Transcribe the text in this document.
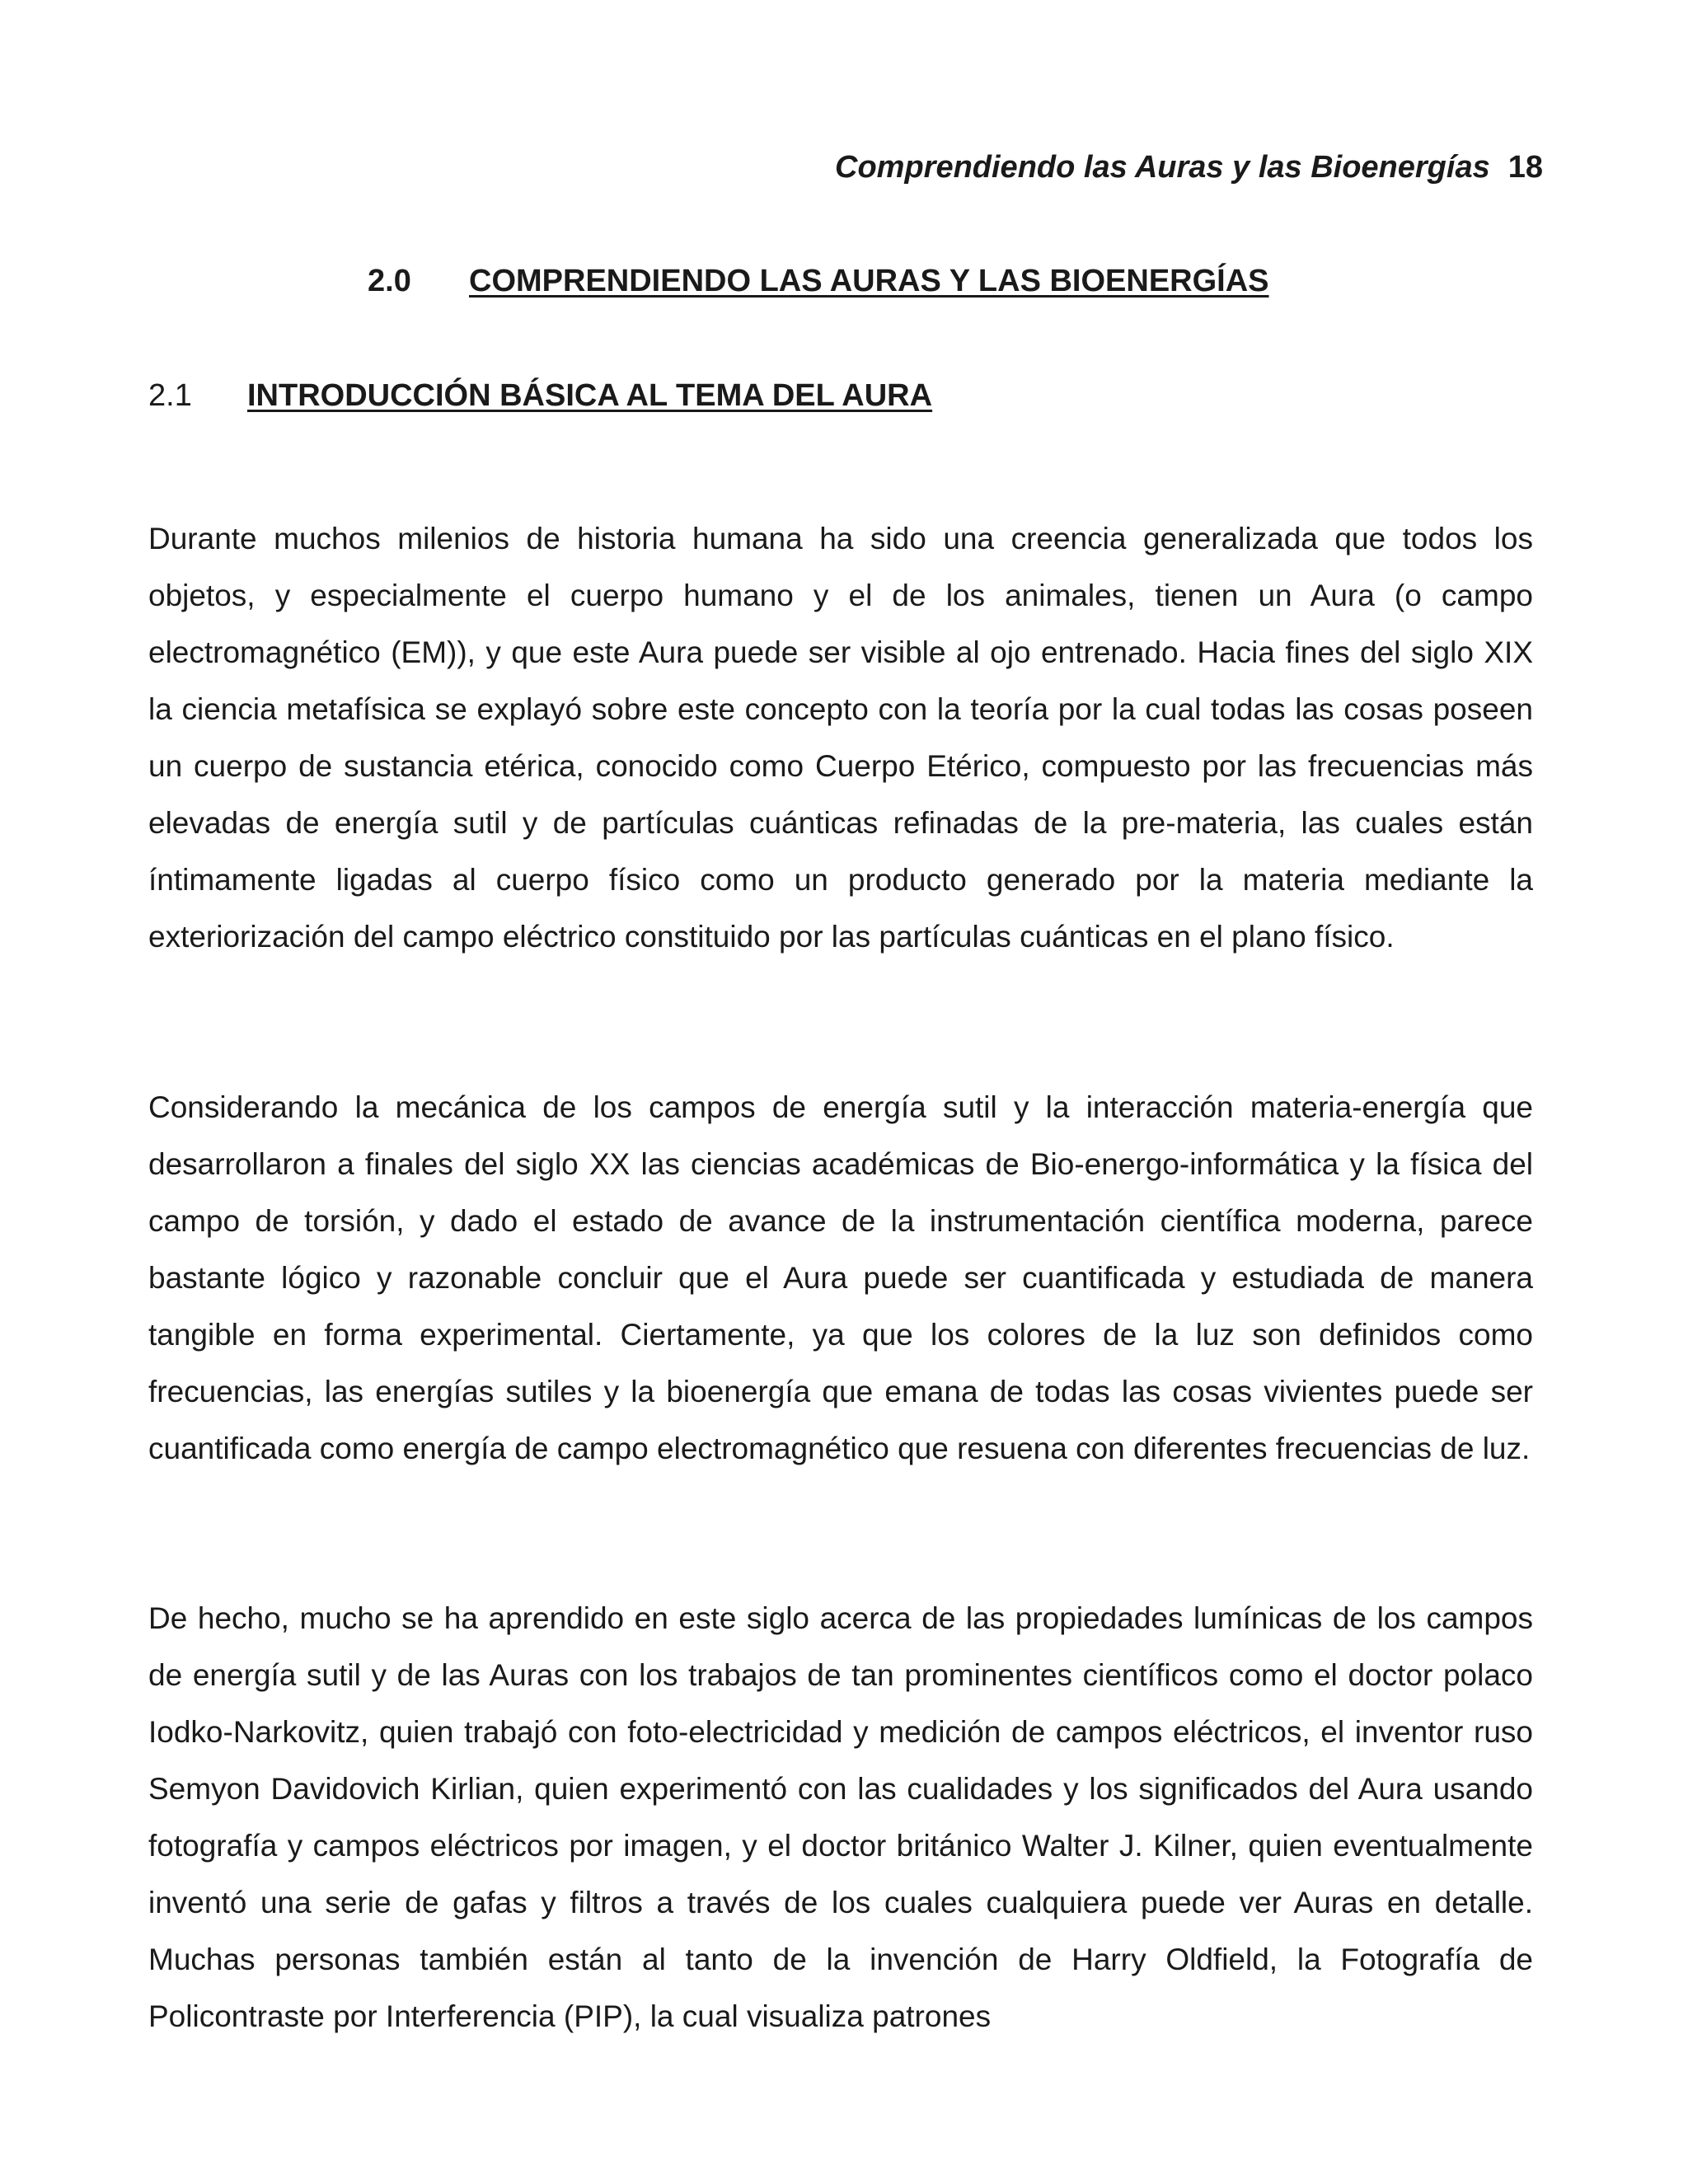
Comprendiendo las Auras y las Bioenergías 18
2.0 COMPRENDIENDO LAS AURAS Y LAS BIOENERGÍAS
2.1 INTRODUCCIÓN BÁSICA AL TEMA DEL AURA

Durante muchos milenios de historia humana ha sido una creencia generalizada que todos los objetos, y especialmente el cuerpo humano y el de los animales, tienen un Aura (o campo electromagnético (EM)), y que este Aura puede ser visible al ojo entrenado. Hacia fines del siglo XIX la ciencia metafísica se explayó sobre este concepto con la teoría por la cual todas las cosas poseen un cuerpo de sustancia etérica, conocido como Cuerpo Etérico, compuesto por las frecuencias más elevadas de energía sutil y de partículas cuánticas refinadas de la pre-materia, las cuales están íntimamente ligadas al cuerpo físico como un producto generado por la materia mediante la exteriorización del campo eléctrico constituido por las partículas cuánticas en el plano físico.

Considerando la mecánica de los campos de energía sutil y la interacción materia-energía que desarrollaron a finales del siglo XX las ciencias académicas de Bio-energo-informática y la física del campo de torsión, y dado el estado de avance de la instrumentación científica moderna, parece bastante lógico y razonable concluir que el Aura puede ser cuantificada y estudiada de manera tangible en forma experimental. Ciertamente, ya que los colores de la luz son definidos como frecuencias, las energías sutiles y la bioenergía que emana de todas las cosas vivientes puede ser cuantificada como energía de campo electromagnético que resuena con diferentes frecuencias de luz.

De hecho, mucho se ha aprendido en este siglo acerca de las propiedades lumínicas de los campos de energía sutil y de las Auras con los trabajos de tan prominentes científicos como el doctor polaco Iodko-Narkovitz, quien trabajó con foto-electricidad y medición de campos eléctricos, el inventor ruso Semyon Davidovich Kirlian, quien experimentó con las cualidades y los significados del Aura usando fotografía y campos eléctricos por imagen, y el doctor británico Walter J. Kilner, quien eventualmente inventó una serie de gafas y filtros a través de los cuales cualquiera puede ver Auras en detalle. Muchas personas también están al tanto de la invención de Harry Oldfield, la Fotografía de Policontraste por Interferencia (PIP), la cual visualiza patrones
